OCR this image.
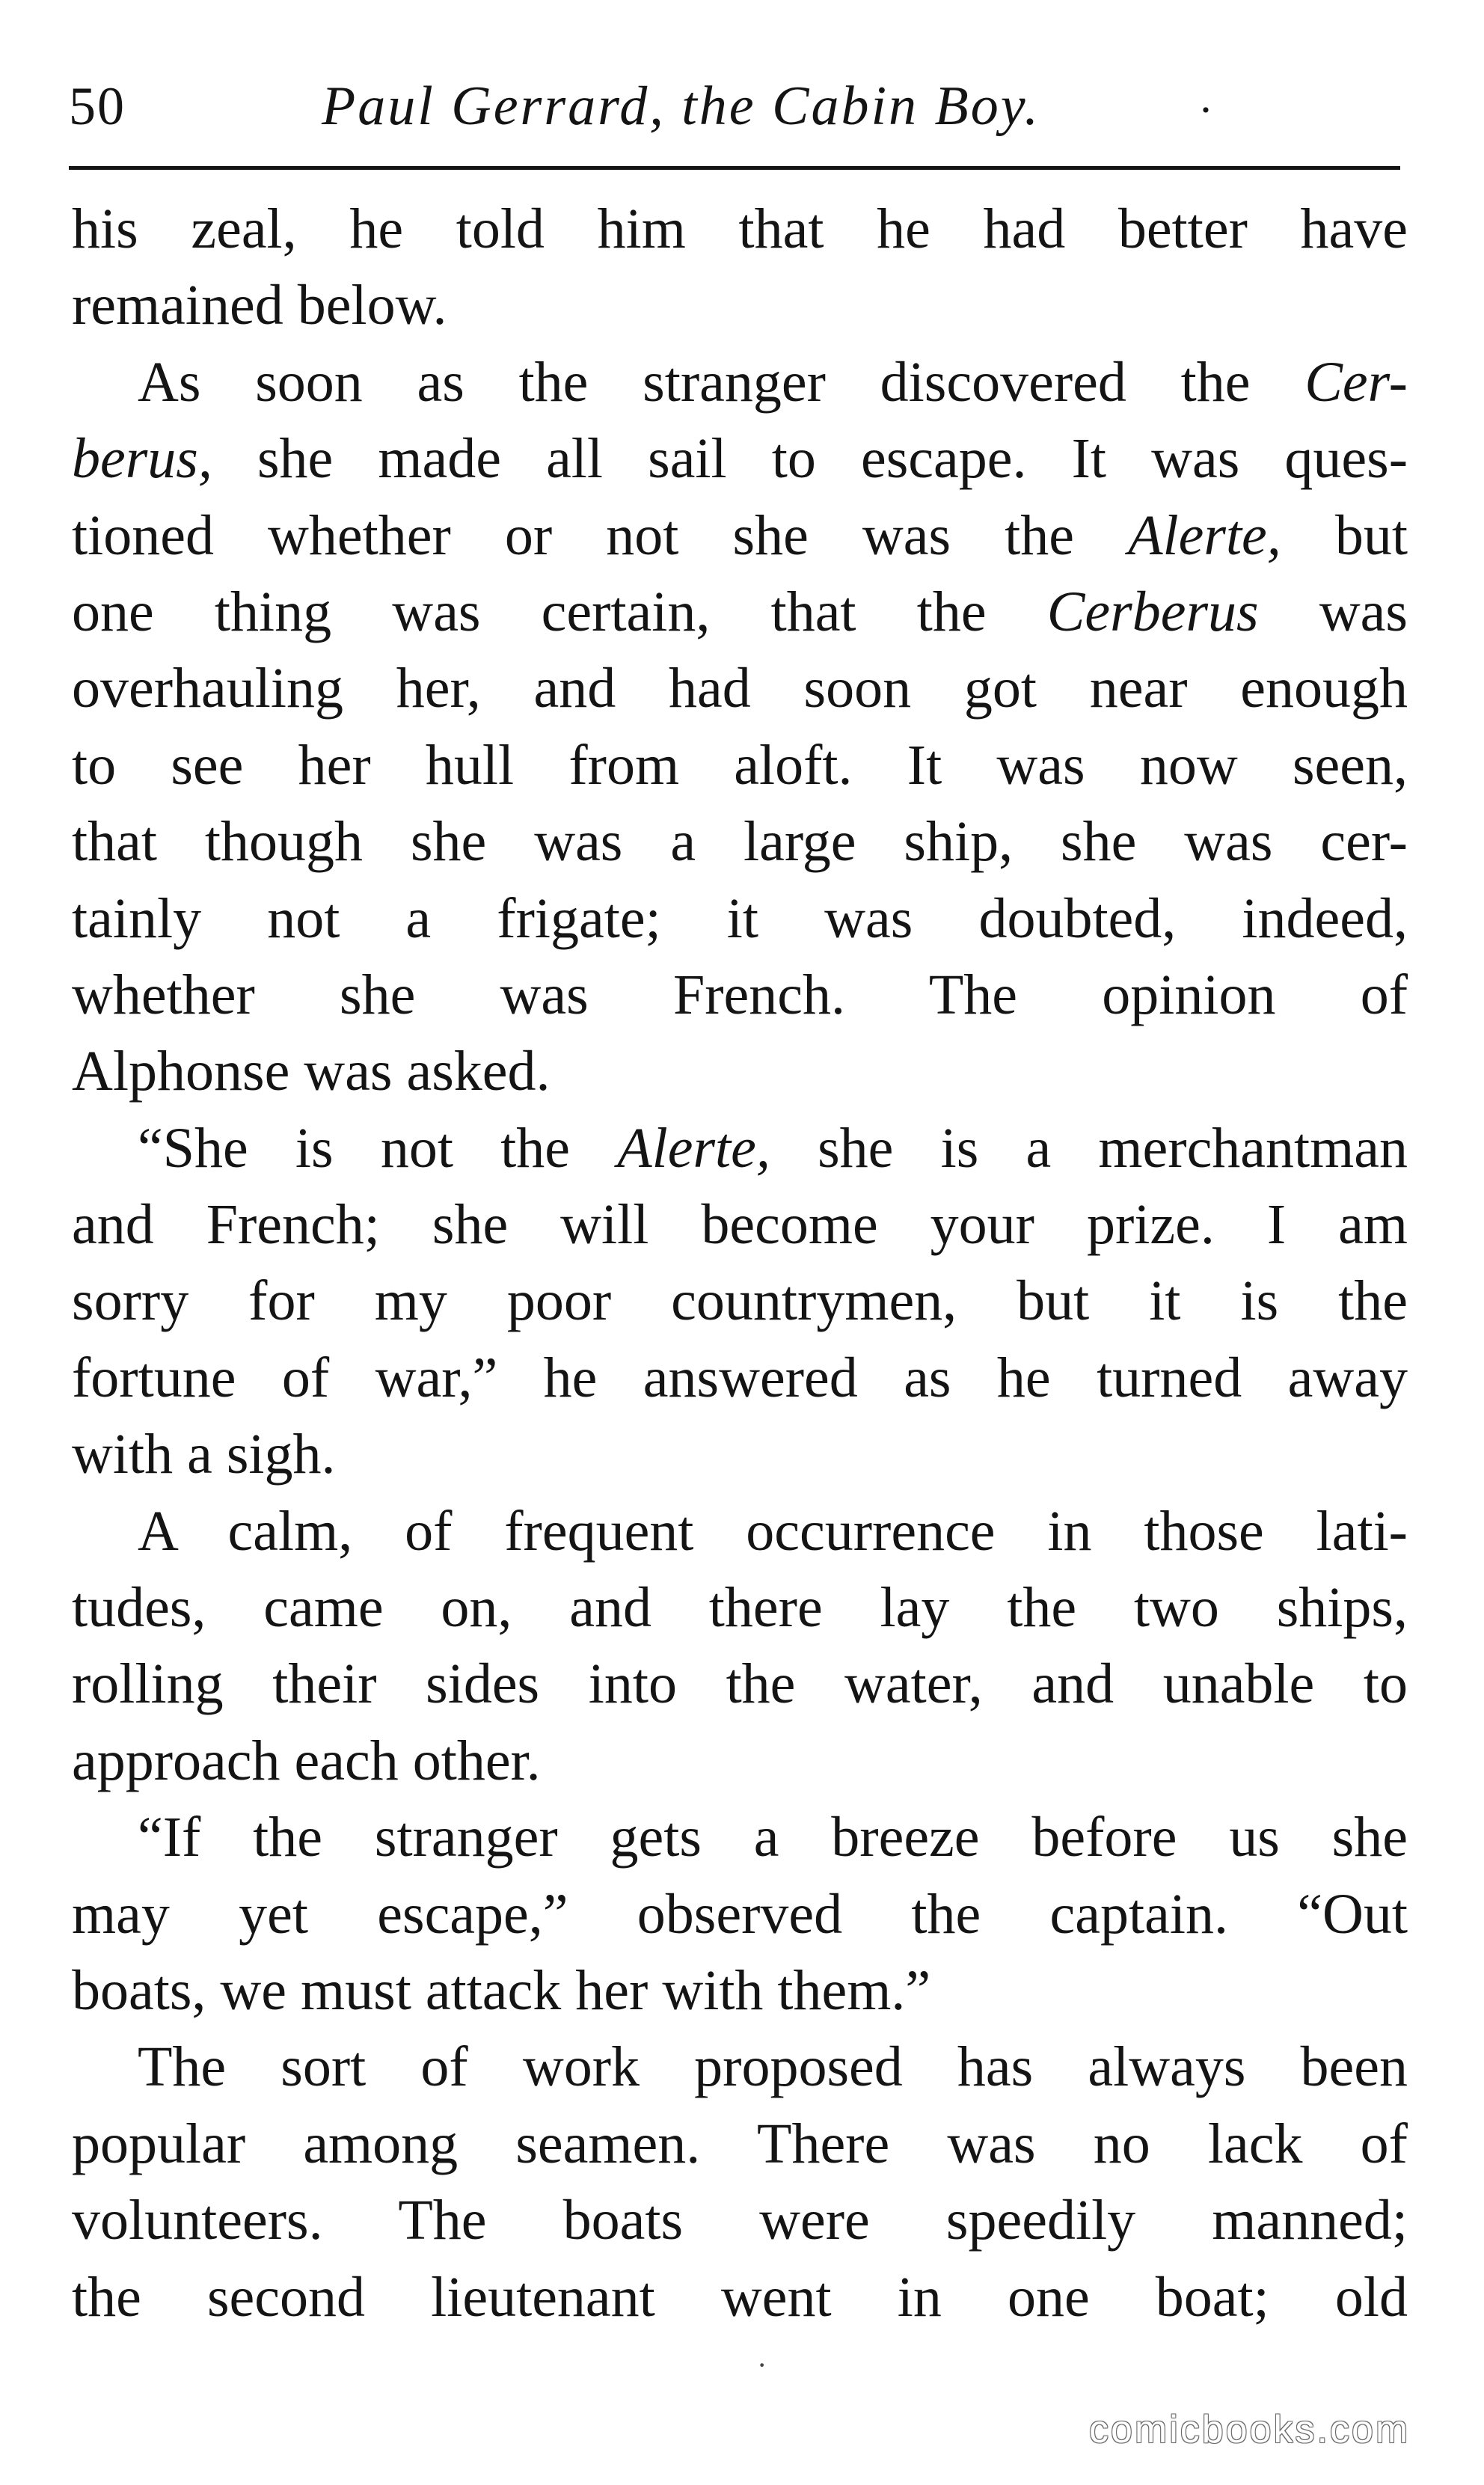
50	Paul Gerrard, the Cabin Boy.	·
his zeal, he told him that he had better have
remained below.
As soon as the stranger discovered the Cer-
berus, she made all sail to escape. It was ques-
tioned whether or not she was the Alerte, but
one thing was certain, that the Cerberus was
overhauling her, and had soon got near enough
to see her hull from aloft. It was now seen,
that though she was a large ship, she was cer-
tainly not a frigate; it was doubted, indeed,
whether she was French. The opinion of
Alphonse was asked.
“She is not the Alerte, she is a merchantman
and French; she will become your prize. I am
sorry for my poor countrymen, but it is the
fortune of war,” he answered as he turned away
with a sigh.
A calm, of frequent occurrence in those lati-
tudes, came on, and there lay the two ships,
rolling their sides into the water, and unable to
approach each other.
“If the stranger gets a breeze before us she
may yet escape,” observed the captain. “Out
boats, we must attack her with them.”
The sort of work proposed has always been
popular among seamen. There was no lack of
volunteers. The boats were speedily manned;
the second lieutenant went in one boat; old
·
comicbooks.com
